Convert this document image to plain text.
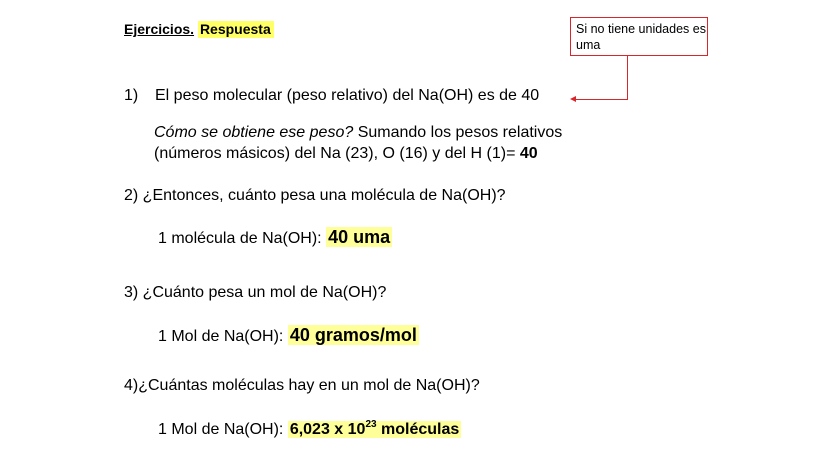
Ejercicios. Respuesta	Si no tiene unidades es uma
1) El peso molecular (peso relativo) del Na(OH) es de 40
Cómo se obtiene ese peso? Sumando los pesos relativos
(números másicos) del Na (23), O (16) y del H (1)= 40
2) ¿Entonces, cuánto pesa una molécula de Na(OH)?
1 molécula de Na(OH): 40 uma
3) ¿Cuánto pesa un mol de Na(OH)?
1 Mol de Na(OH): 40 gramos/mol
4)¿Cuántas moléculas hay en un mol de Na(OH)?
1 Mol de Na(OH): 6,023 x $10^{23}$ moléculas
